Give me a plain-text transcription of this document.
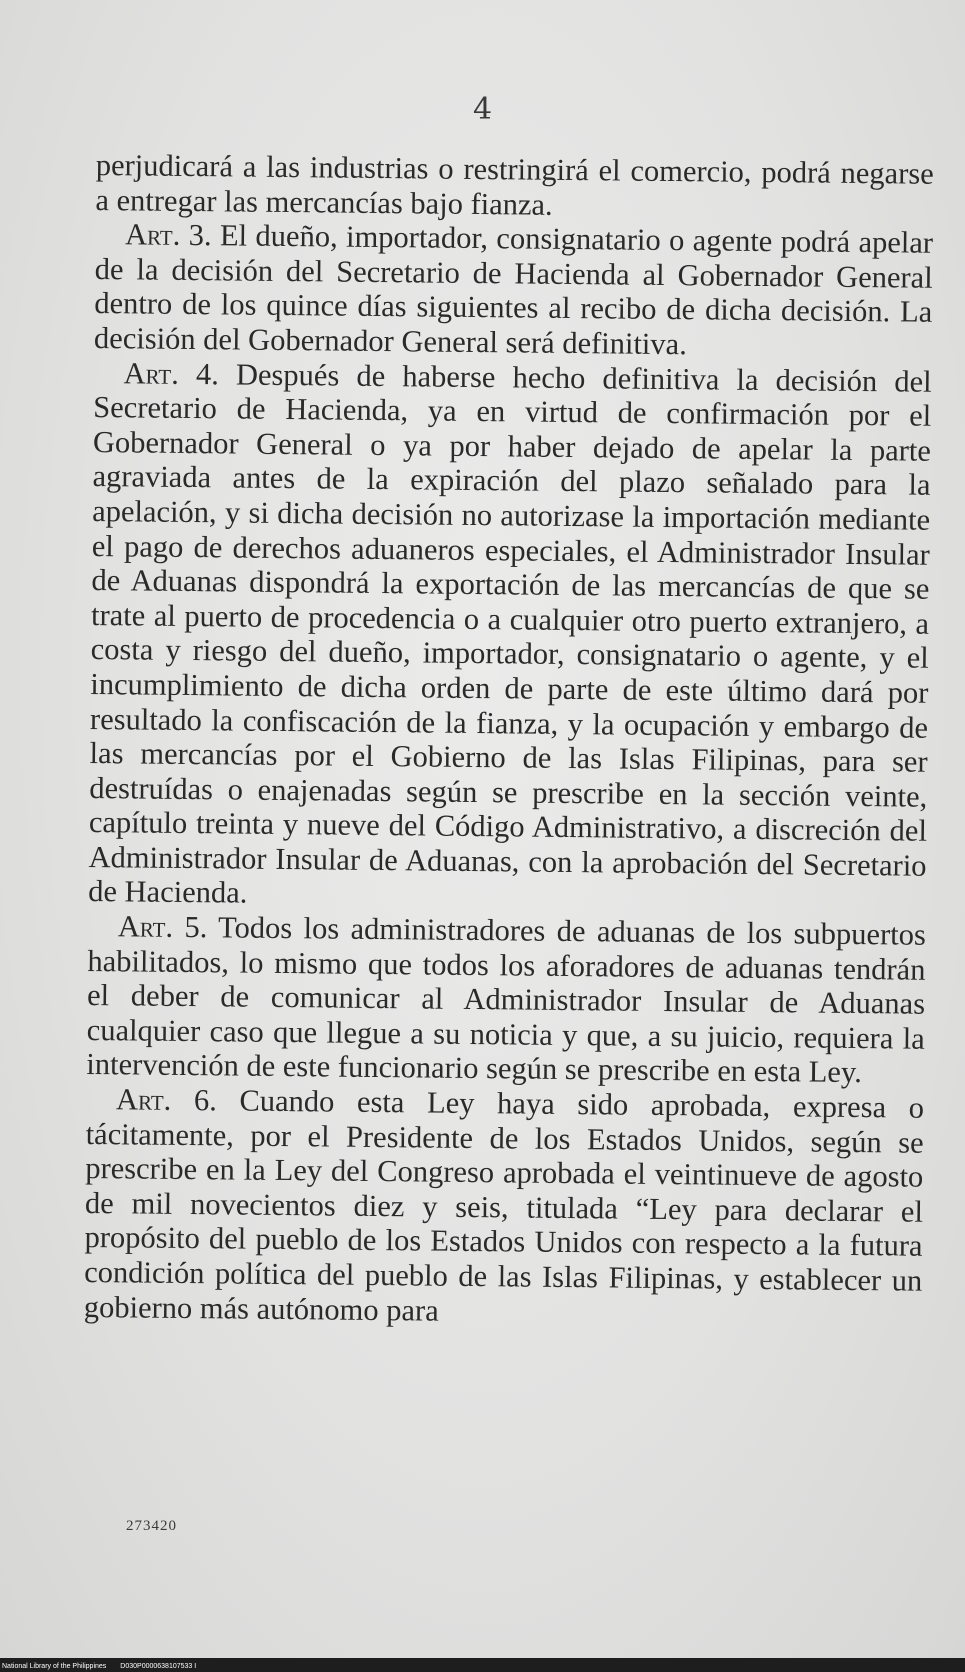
4

perjudicará a las industrias o restringirá el comercio, podrá negarse a entregar las mercancías bajo fianza.

Art. 3. El dueño, importador, consignatario o agente podrá apelar de la decisión del Secretario de Hacienda al Gobernador General dentro de los quince días siguientes al recibo de dicha decisión. La decisión del Gobernador General será definitiva.

Art. 4. Después de haberse hecho definitiva la decisión del Secretario de Hacienda, ya en virtud de confirmación por el Gobernador General o ya por haber dejado de apelar la parte agraviada antes de la expiración del plazo señalado para la apelación, y si dicha decisión no autorizase la importación mediante el pago de derechos aduaneros especiales, el Administrador Insular de Aduanas dispondrá la exportación de las mercancías de que se trate al puerto de procedencia o a cualquier otro puerto extranjero, a costa y riesgo del dueño, importador, consignatario o agente, y el incumplimiento de dicha orden de parte de este último dará por resultado la confiscación de la fianza, y la ocupación y embargo de las mercancías por el Gobierno de las Islas Filipinas, para ser destruídas o enajenadas según se prescribe en la sección veinte, capítulo treinta y nueve del Código Administrativo, a discreción del Administrador Insular de Aduanas, con la aprobación del Secretario de Hacienda.

Art. 5. Todos los administradores de aduanas de los subpuertos habilitados, lo mismo que todos los aforadores de aduanas tendrán el deber de comunicar al Administrador Insular de Aduanas cualquier caso que llegue a su noticia y que, a su juicio, requiera la intervención de este funcionario según se prescribe en esta Ley.

Art. 6. Cuando esta Ley haya sido aprobada, expresa o tácitamente, por el Presidente de los Estados Unidos, según se prescribe en la Ley del Congreso aprobada el veintinueve de agosto de mil novecientos diez y seis, titulada “Ley para declarar el propósito del pueblo de los Estados Unidos con respecto a la futura condición política del pueblo de las Islas Filipinas, y establecer un gobierno más autónomo para

273420
National Library of the Philippines D030P0000638107533 I
